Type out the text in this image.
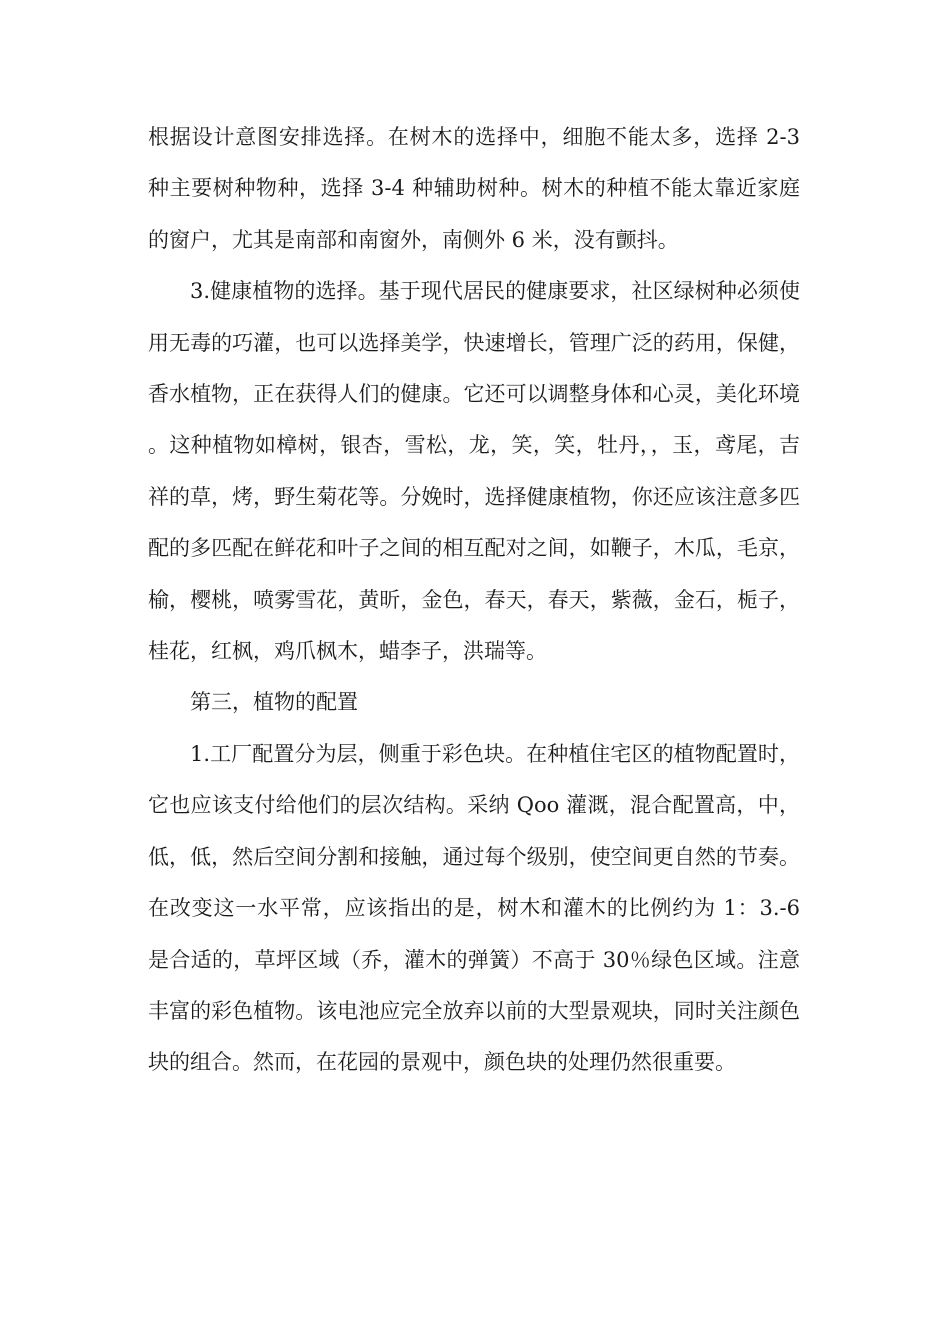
根据设计意图安排选择。在树木的选择中，细胞不能太多，选择 2-3 种主要树种物种，选择 3-4 种辅助树种。树木的种植不能太靠近家庭的窗户，尤其是南部和南窗外，南侧外 6 米，没有颤抖。

3.健康植物的选择。基于现代居民的健康要求，社区绿树种必须使用无毒的巧灌，也可以选择美学，快速增长，管理广泛的药用，保健，香水植物，正在获得人们的健康。它还可以调整身体和心灵，美化环境。这种植物如樟树，银杏，雪松，龙，笑，笑，牡丹，，玉，鸢尾，吉祥的草，烤，野生菊花等。分娩时，选择健康植物，你还应该注意多匹配的多匹配在鲜花和叶子之间的相互配对之间，如鞭子，木瓜，毛京，榆，樱桃，喷雾雪花，黄昕，金色，春天，春天，紫薇，金石，栀子，桂花，红枫，鸡爪枫木，蜡李子，洪瑞等。

第三，植物的配置

1.工厂配置分为层，侧重于彩色块。在种植住宅区的植物配置时，它也应该支付给他们的层次结构。采纳 Qoo 灌溉，混合配置高，中，低，低，然后空间分割和接触，通过每个级别，使空间更自然的节奏。在改变这一水平常，应该指出的是，树木和灌木的比例约为 1：3.-6 是合适的，草坪区域（乔，灌木的弹簧）不高于 30％绿色区域。注意丰富的彩色植物。该电池应完全放弃以前的大型景观块，同时关注颜色块的组合。然而，在花园的景观中，颜色块的处理仍然很重要。
